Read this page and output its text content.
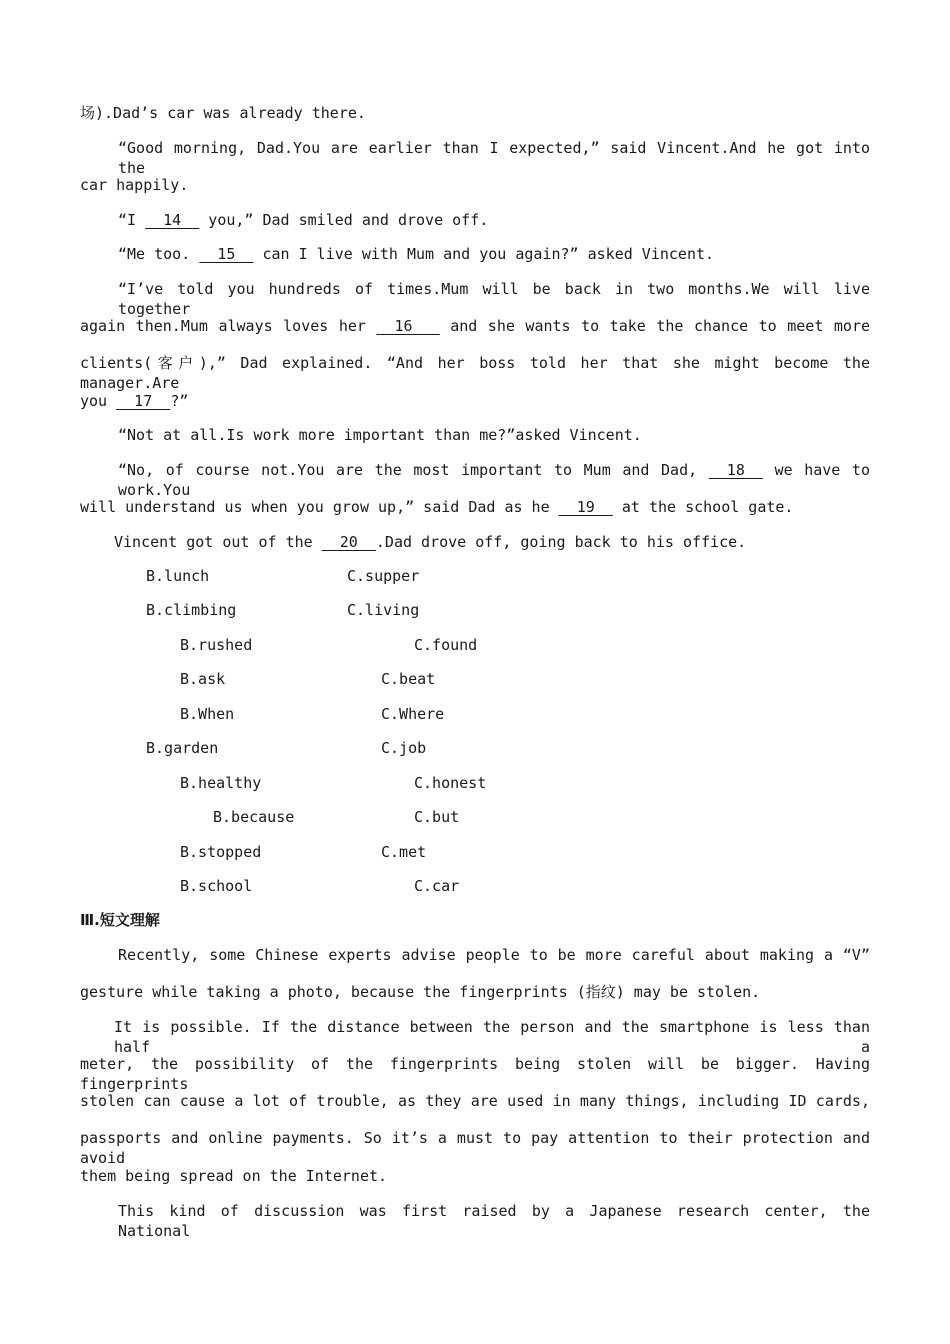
场).Dad’s car was already there.
“Good morning, Dad.You are earlier than I expected,” said Vincent.And he got into the
car happily.
“I   14   you,” Dad smiled and drove off.
“Me too.   15   can I live with Mum and you again?” asked Vincent.
“I’ve told you hundreds of times.Mum will be back in two months.We will live together
again then.Mum always loves her   16    and she wants to take the chance to meet more
clients(客户),” Dad explained. “And her boss told her that she might become the manager.Are
you   17  ?”
“Not at all.Is work more important than me?”asked Vincent.
“No, of course not.You are the most important to Mum and Dad,   18   we have to work.You
will understand us when you grow up,” said Dad as he   19   at the school gate.
Vincent got out of the   20  .Dad drove off, going back to his office.
B.lunch	C.supper
B.climbing	C.living
B.rushed	C.found
B.ask	C.beat
B.When	C.Where
B.garden	C.job
B.healthy	C.honest
B.because	C.but
B.stopped	C.met
B.school	C.car
Ⅲ.短文理解
Recently, some Chinese experts advise people to be more careful about making a “V”
gesture while taking a photo, because the fingerprints (指纹) may be stolen.
It is possible. If the distance between the person and the smartphone is less than half a
meter, the possibility of the fingerprints being stolen will be bigger. Having fingerprints
stolen can cause a lot of trouble, as they are used in many things, including ID cards,
passports and online payments. So it’s a must to pay attention to their protection and avoid
them being spread on the Internet.
This kind of discussion was first raised by a Japanese research center, the National
